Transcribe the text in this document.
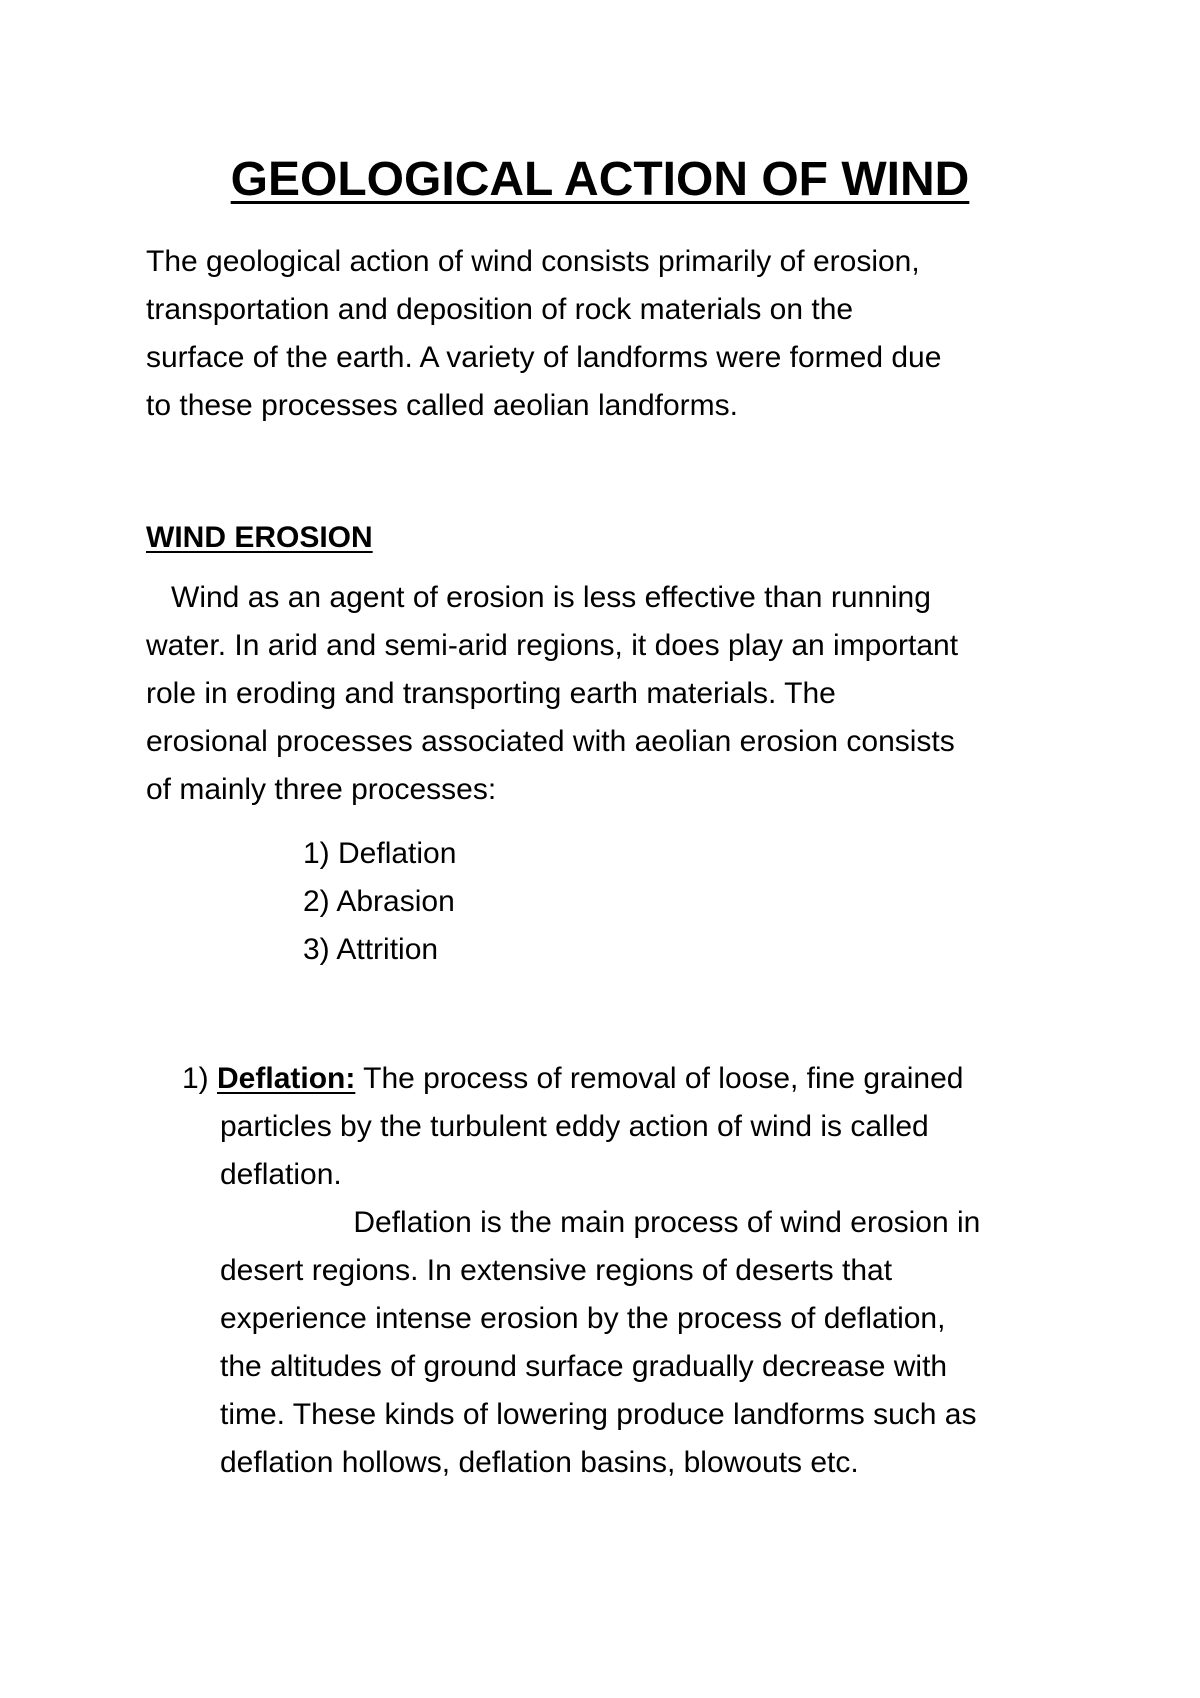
GEOLOGICAL ACTION OF WIND
The geological action of wind consists primarily of erosion,
transportation and deposition of rock materials on the
surface of the earth. A variety of landforms were formed due
to these processes called aeolian landforms.
WIND EROSION
Wind as an agent of erosion is less effective than running
water. In arid and semi-arid regions, it does play an important
role in eroding and transporting earth materials. The
erosional processes associated with aeolian erosion consists
of mainly three processes:
1) Deflation
2) Abrasion
3) Attrition
1) Deflation: The process of removal of loose, fine grained
particles by the turbulent eddy action of wind is called
deflation.
Deflation is the main process of wind erosion in
desert regions. In extensive regions of deserts that
experience intense erosion by the process of deflation,
the altitudes of ground surface gradually decrease with
time. These kinds of lowering produce landforms such as
deflation hollows, deflation basins, blowouts etc.
